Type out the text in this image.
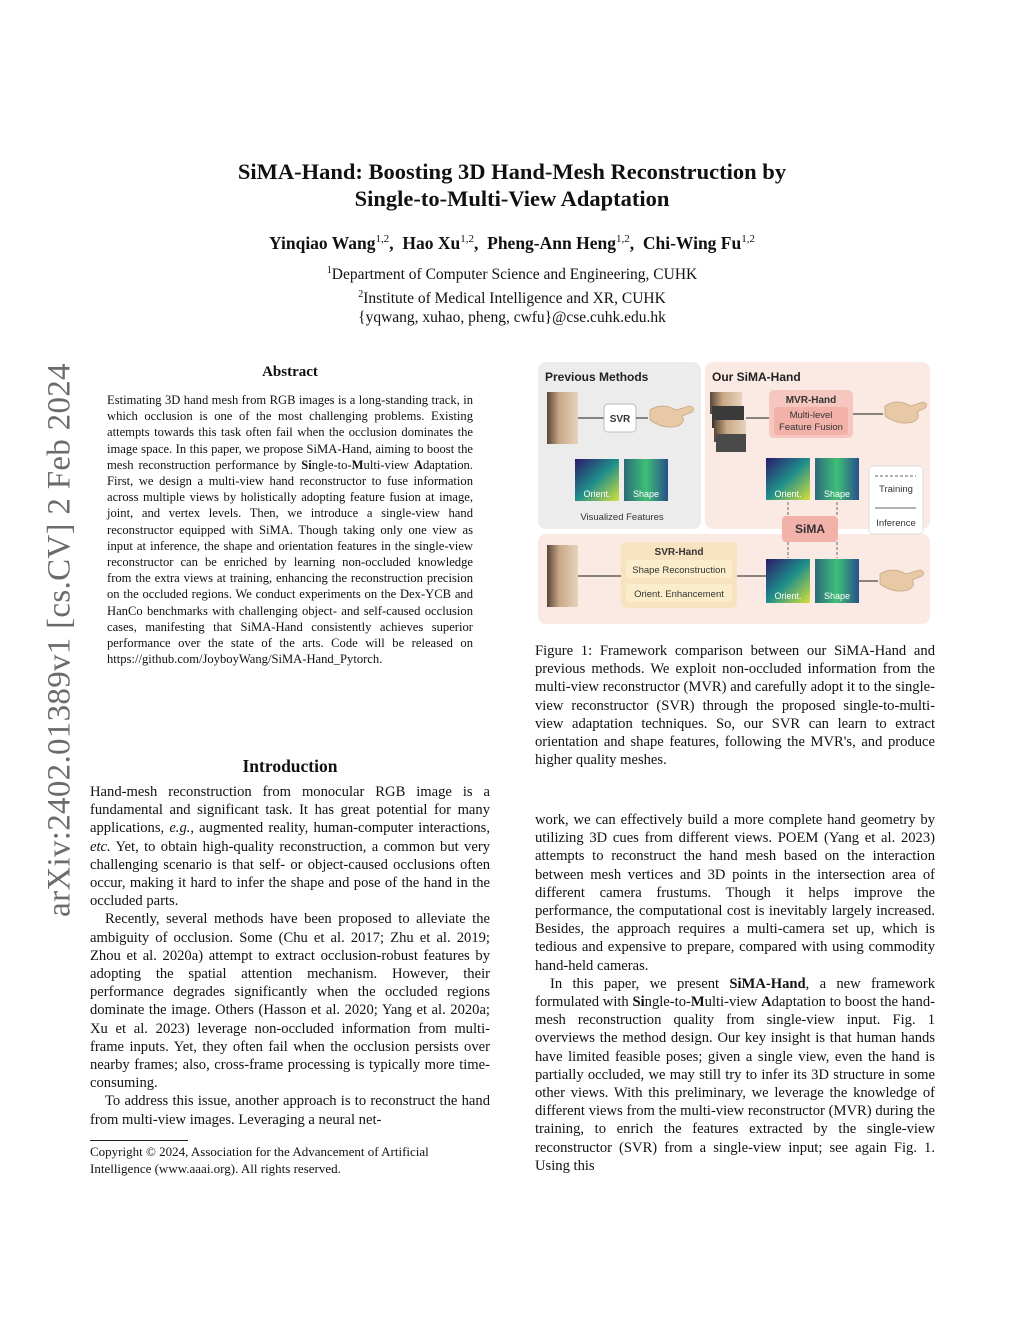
arXiv:2402.01389v1 [cs.CV] 2 Feb 2024
SiMA-Hand: Boosting 3D Hand-Mesh Reconstruction by
Single-to-Multi-View Adaptation
Yinqiao Wang$^{1,2}$,  Hao Xu$^{1,2}$,  Pheng-Ann Heng$^{1,2}$,  Chi-Wing Fu$^{1,2}$
$^1$Department of Computer Science and Engineering, CUHK
$^2$Institute of Medical Intelligence and XR, CUHK
{yqwang, xuhao, pheng, cwfu}@cse.cuhk.edu.hk
Abstract
Estimating 3D hand mesh from RGB images is a long-standing track, in which occlusion is one of the most challenging problems. Existing attempts towards this task often fail when the occlusion dominates the image space. In this paper, we propose SiMA-Hand, aiming to boost the mesh reconstruction performance by Single-to-Multi-view Adaptation. First, we design a multi-view hand reconstructor to fuse information across multiple views by holistically adopting feature fusion at image, joint, and vertex levels. Then, we introduce a single-view hand reconstructor equipped with SiMA. Though taking only one view as input at inference, the shape and orientation features in the single-view reconstructor can be enriched by learning non-occluded knowledge from the extra views at training, enhancing the reconstruction precision on the occluded regions. We conduct experiments on the Dex-YCB and HanCo benchmarks with challenging object- and self-caused occlusion cases, manifesting that SiMA-Hand consistently achieves superior performance over the state of the arts. Code will be released on https://github.com/JoyboyWang/SiMA-Hand_Pytorch.
Introduction

Hand-mesh reconstruction from monocular RGB image is a fundamental and significant task. It has great potential for many applications, e.g., augmented reality, human-computer interactions, etc. Yet, to obtain high-quality reconstruction, a common but very challenging scenario is that self- or object-caused occlusions often occur, making it hard to infer the shape and pose of the hand in the occluded parts.

Recently, several methods have been proposed to alleviate the ambiguity of occlusion. Some (Chu et al. 2017; Zhu et al. 2019; Zhou et al. 2020a) attempt to extract occlusion-robust features by adopting the spatial attention mechanism. However, their performance degrades significantly when the occluded regions dominate the image. Others (Hasson et al. 2020; Yang et al. 2020a; Xu et al. 2023) leverage non-occluded information from multi-frame inputs. Yet, they often fail when the occlusion persists over nearby frames; also, cross-frame processing is typically more time-consuming.

To address this issue, another approach is to reconstruct the hand from multi-view images. Leveraging a neural net-

Copyright © 2024, Association for the Advancement of Artificial Intelligence (www.aaai.org). All rights reserved.
Previous Methods	Our SiMA-Hand
SVR
Orient. Shape
Visualized Features
MVR-Hand
Multi-level
Feature Fusion
Orient. Shape
SiMA
Training
Inference
SVR-Hand
Shape Reconstruction
Orient. Enhancement	Orient. Shape
Figure 1: Framework comparison between our SiMA-Hand and previous methods. We exploit non-occluded information from the multi-view reconstructor (MVR) and carefully adopt it to the single-view reconstructor (SVR) through the proposed single-to-multi-view adaptation techniques. So, our SVR can learn to extract orientation and shape features, following the MVR's, and produce higher quality meshes.

work, we can effectively build a more complete hand geometry by utilizing 3D cues from different views. POEM (Yang et al. 2023) attempts to reconstruct the hand mesh based on the interaction between mesh vertices and 3D points in the intersection area of different camera frustums. Though it helps improve the performance, the computational cost is inevitably largely increased. Besides, the approach requires a multi-camera set up, which is tedious and expensive to prepare, compared with using commodity hand-held cameras.

In this paper, we present SiMA-Hand, a new framework formulated with Single-to-Multi-view Adaptation to boost the hand-mesh reconstruction quality from single-view input. Fig. 1 overviews the method design. Our key insight is that human hands have limited feasible poses; given a single view, even the hand is partially occluded, we may still try to infer its 3D structure in some other views. With this preliminary, we leverage the knowledge of different views from the multi-view reconstructor (MVR) during the training, to enrich the features extracted by the single-view reconstructor (SVR) from a single-view input; see again Fig. 1. Using this
